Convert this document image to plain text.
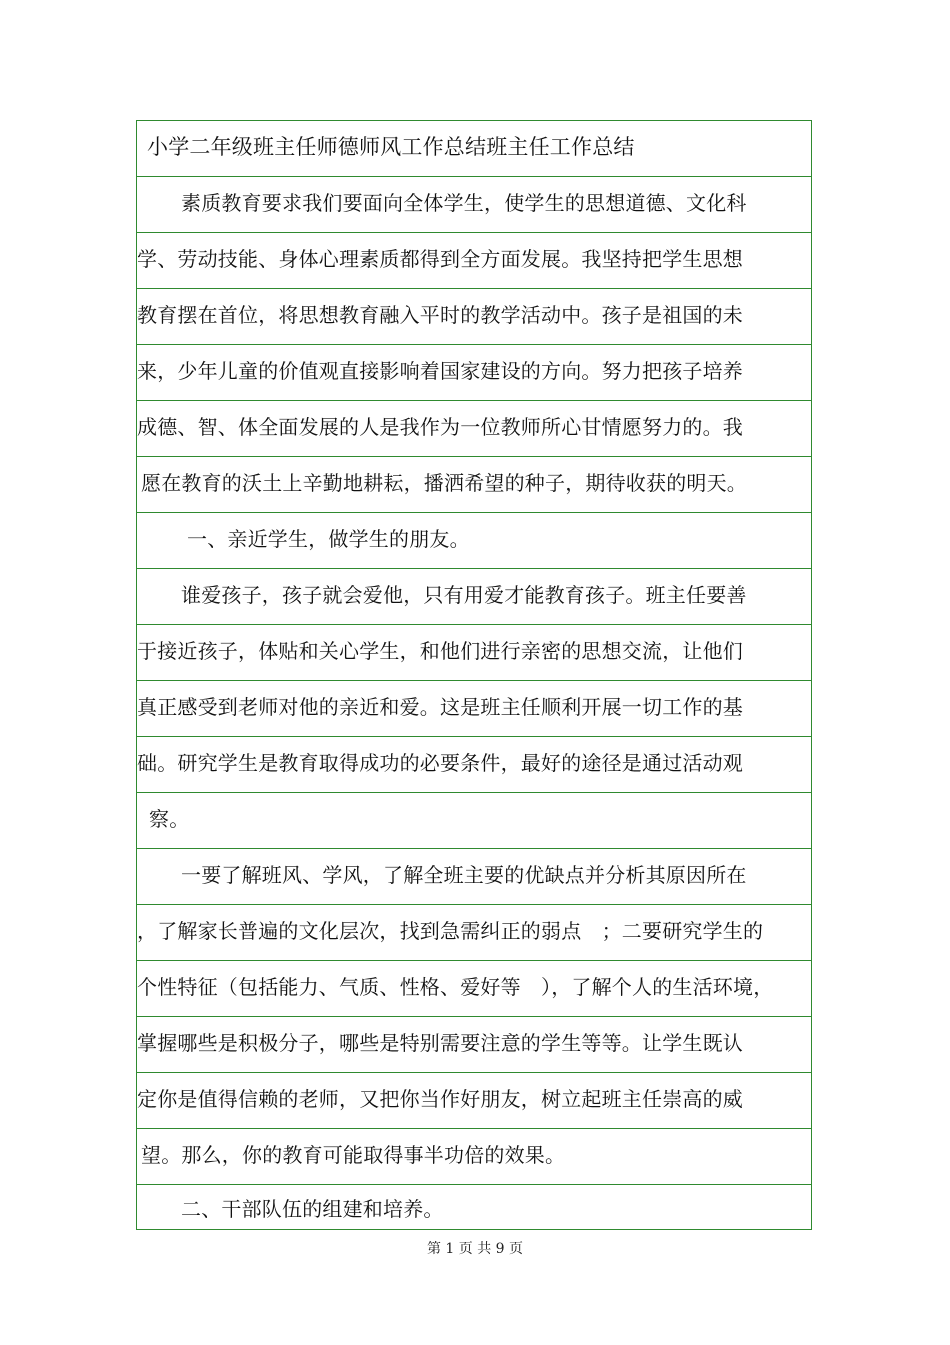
小学二年级班主任师德师风工作总结班主任工作总结
素质教育要求我们要面向全体学生，使学生的思想道德、文化科
学、劳动技能、身体心理素质都得到全方面发展。我坚持把学生思想
教育摆在首位，将思想教育融入平时的教学活动中。孩子是祖国的未
来，少年儿童的价值观直接影响着国家建设的方向。努力把孩子培养
成德、智、体全面发展的人是我作为一位教师所心甘情愿努力的。我
愿在教育的沃土上辛勤地耕耘，播洒希望的种子，期待收获的明天。
一、亲近学生，做学生的朋友。
谁爱孩子，孩子就会爱他，只有用爱才能教育孩子。班主任要善
于接近孩子，体贴和关心学生，和他们进行亲密的思想交流，让他们
真正感受到老师对他的亲近和爱。这是班主任顺利开展一切工作的基
础。研究学生是教育取得成功的必要条件，最好的途径是通过活动观
察。
一要了解班风、学风，了解全班主要的优缺点并分析其原因所在
，了解家长普遍的文化层次，找到急需纠正的弱点　；二要研究学生的
个性特征（包括能力、气质、性格、爱好等　），了解个人的生活环境，
掌握哪些是积极分子，哪些是特别需要注意的学生等等。让学生既认
定你是值得信赖的老师，又把你当作好朋友，树立起班主任崇高的威
望。那么，你的教育可能取得事半功倍的效果。
二、干部队伍的组建和培养。
第 1 页 共 9 页
